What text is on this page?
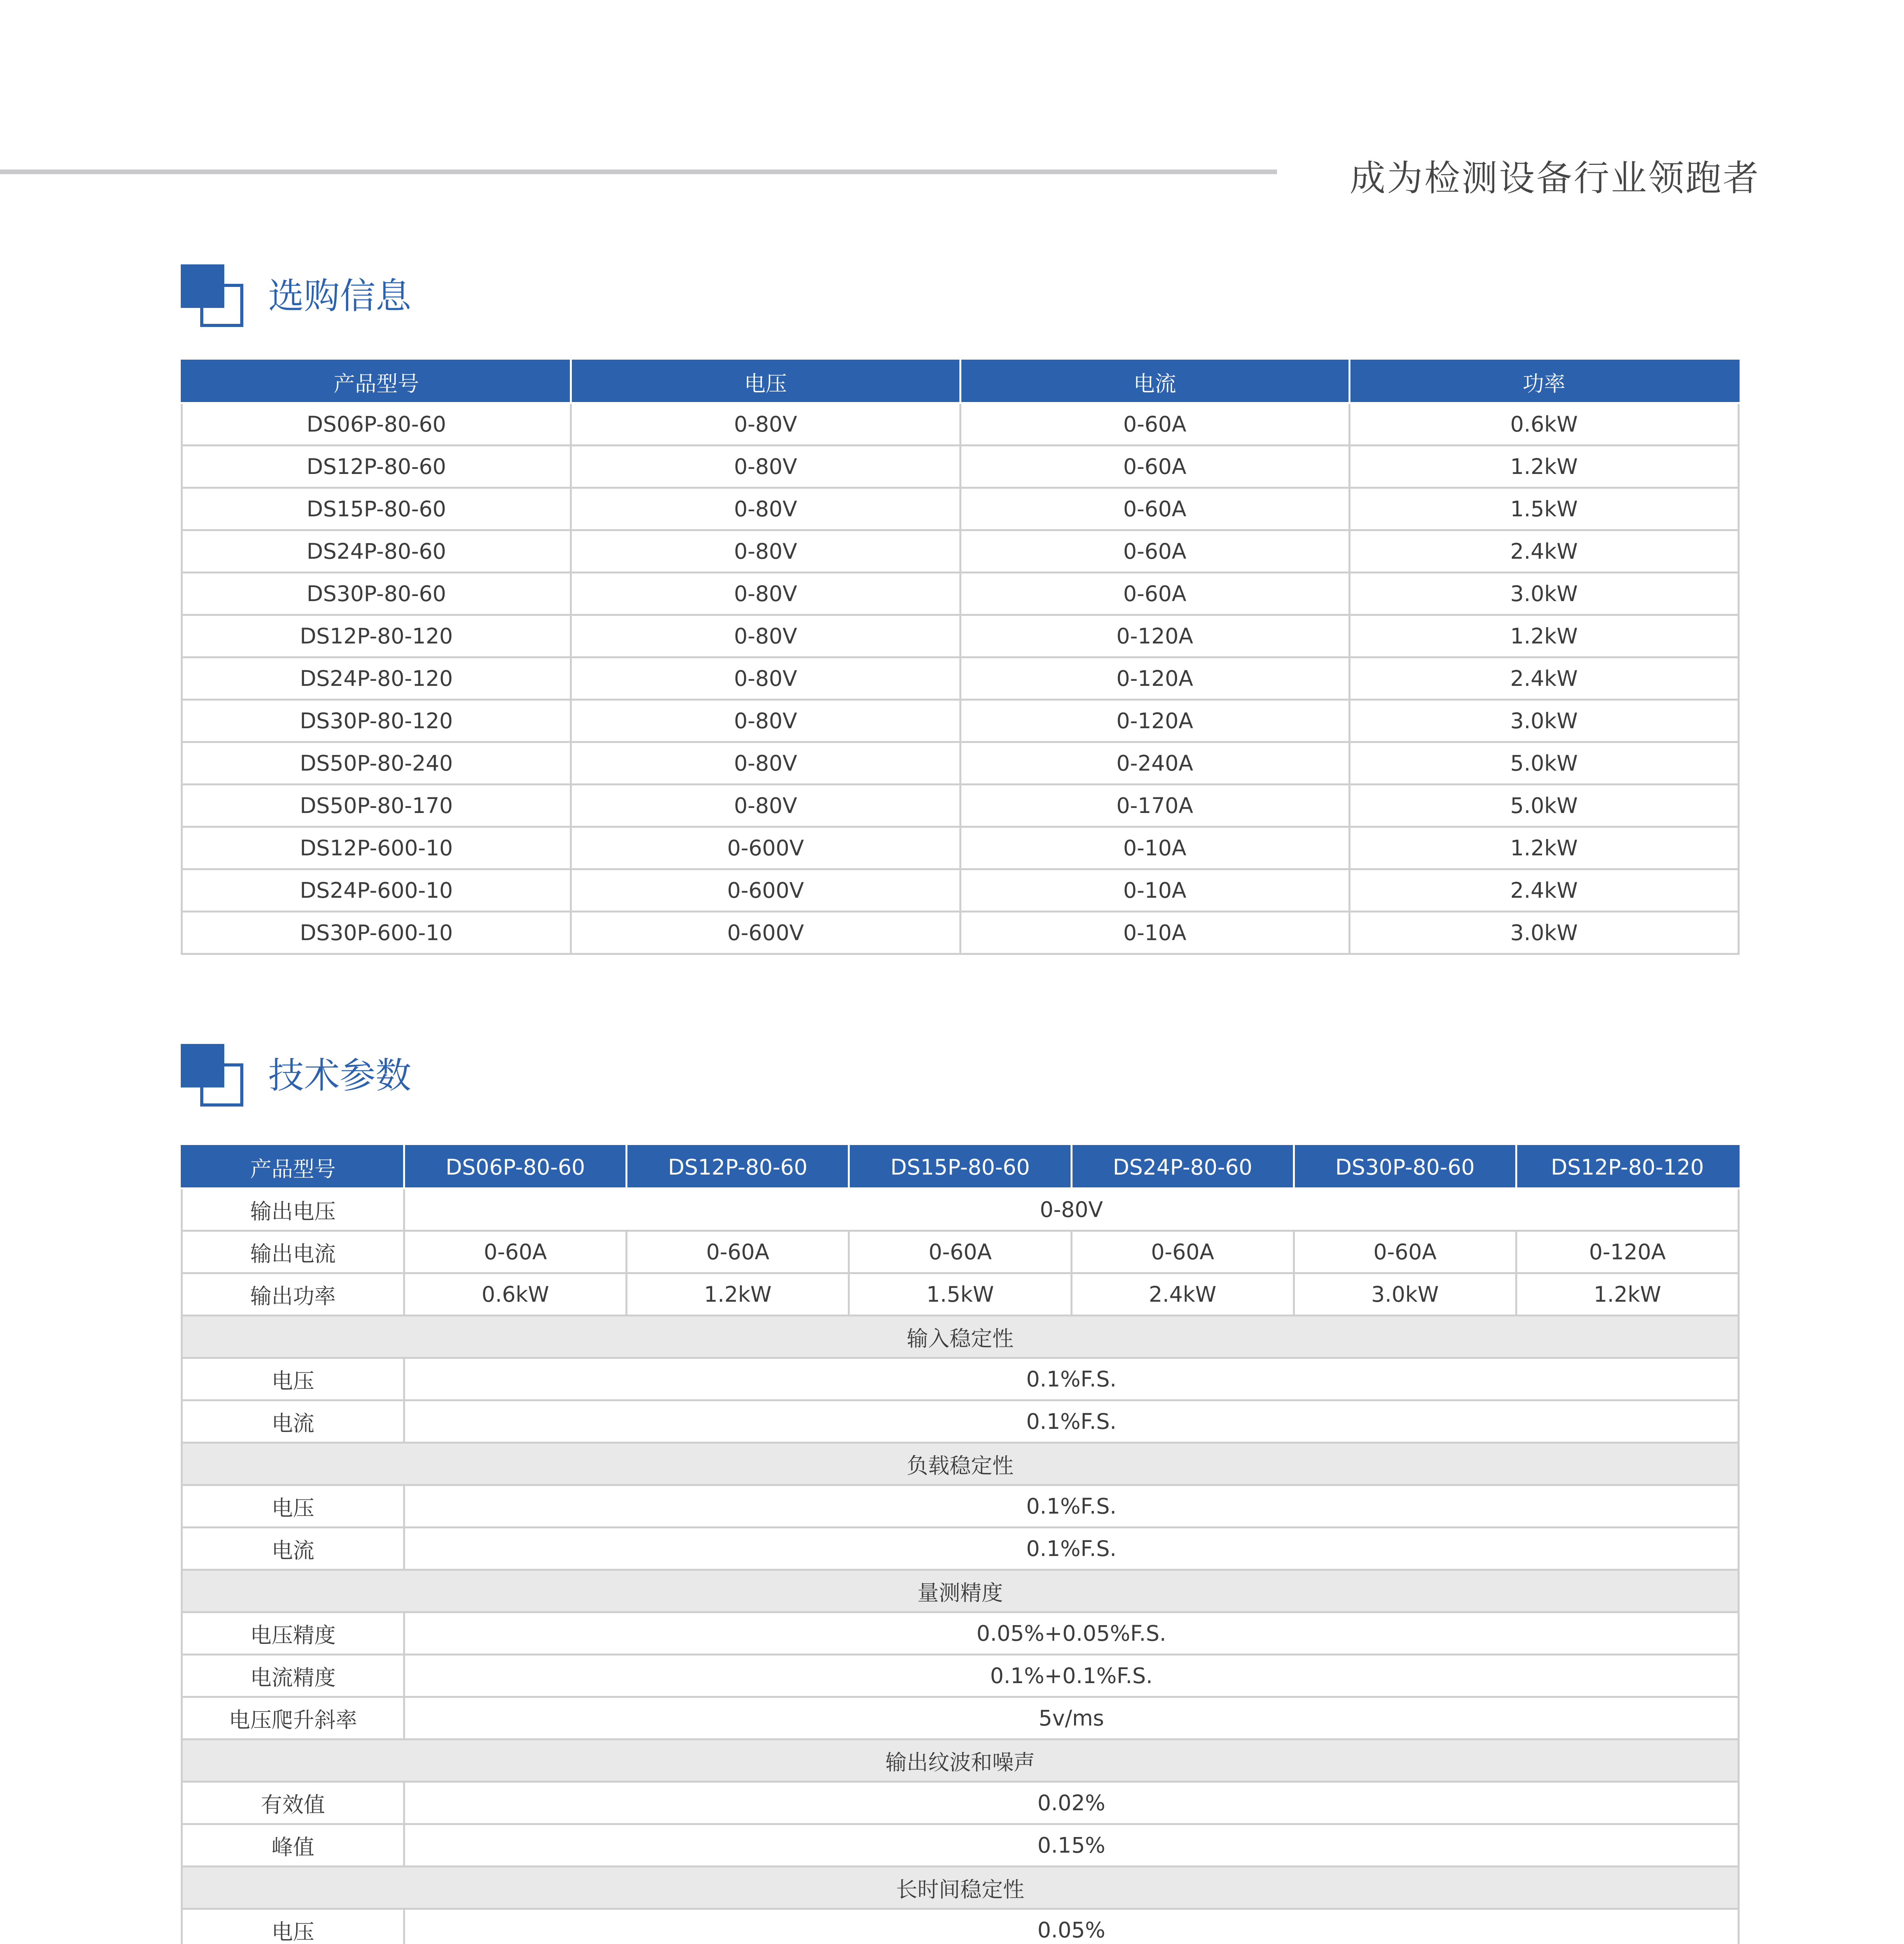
成为检测设备行业领跑者
选购信息
产品型号	电压	电流	功率
DS06P-80-60	0-80V	0-60A	0.6kW
DS12P-80-60	0-80V	0-60A	1.2kW
DS15P-80-60	0-80V	0-60A	1.5kW
DS24P-80-60	0-80V	0-60A	2.4kW
DS30P-80-60	0-80V	0-60A	3.0kW
DS12P-80-120	0-80V	0-120A	1.2kW
DS24P-80-120	0-80V	0-120A	2.4kW
DS30P-80-120	0-80V	0-120A	3.0kW
DS50P-80-240	0-80V	0-240A	5.0kW
DS50P-80-170	0-80V	0-170A	5.0kW
DS12P-600-10	0-600V	0-10A	1.2kW
DS24P-600-10	0-600V	0-10A	2.4kW
DS30P-600-10	0-600V	0-10A	3.0kW
技术参数
产品型号	DS06P-80-60	DS12P-80-60	DS15P-80-60	DS24P-80-60	DS30P-80-60	DS12P-80-120	
输出电压	0-80V						
输出电流	0-60A	0-60A	0-60A	0-60A	0-60A	0-120A	
输出功率	0.6kW	1.2kW	1.5kW	2.4kW	3.0kW	1.2kW	
输入稳定性							
电压	0.1%F.S.						
电流	0.1%F.S.						
负载稳定性							
电压	0.1%F.S.						
电流	0.1%F.S.						
量测精度							
电压精度	0.05%+0.05%F.S.						
电流精度	0.1%+0.1%F.S.						
电压爬升斜率	5v/ms						
输出纹波和噪声							
有效值	0.02%						
峰值	0.15%						
长时间稳定性							
电压	0.05%						
